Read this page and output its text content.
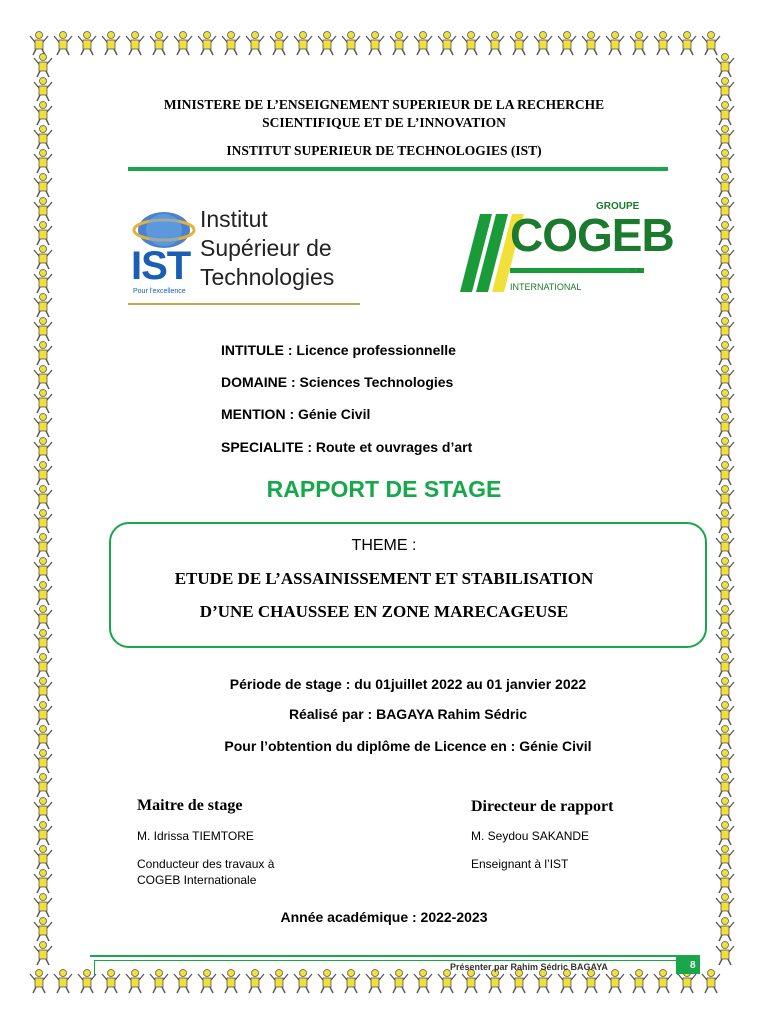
MINISTERE DE L’ENSEIGNEMENT SUPERIEUR DE LA RECHERCHE
SCIENTIFIQUE ET DE L’INNOVATION
INSTITUT SUPERIEUR DE TECHNOLOGIES (IST)
IST
Pour l'excellence
Institut
Supérieur de
Technologies
GROUPE
COGEB
S.A.
INTERNATIONAL
INTITULE : Licence professionnelle
DOMAINE : Sciences Technologies
MENTION : Génie Civil
SPECIALITE : Route et ouvrages d’art
RAPPORT DE STAGE
THEME :
ETUDE DE L’ASSAINISSEMENT ET STABILISATION
D’UNE CHAUSSEE EN ZONE MARECAGEUSE
Période de stage : du 01juillet 2022 au 01 janvier 2022
Réalisé par : BAGAYA Rahim Sédric
Pour l’obtention du diplôme de Licence en : Génie Civil
Maitre de stage
M. Idrissa TIEMTORE
Conducteur des travaux à
COGEB Internationale
Directeur de rapport
M. Seydou SAKANDE
Enseignant à l’IST
Année académique : 2022-2023
Présenter par Rahim Sédric BAGAYA	8
